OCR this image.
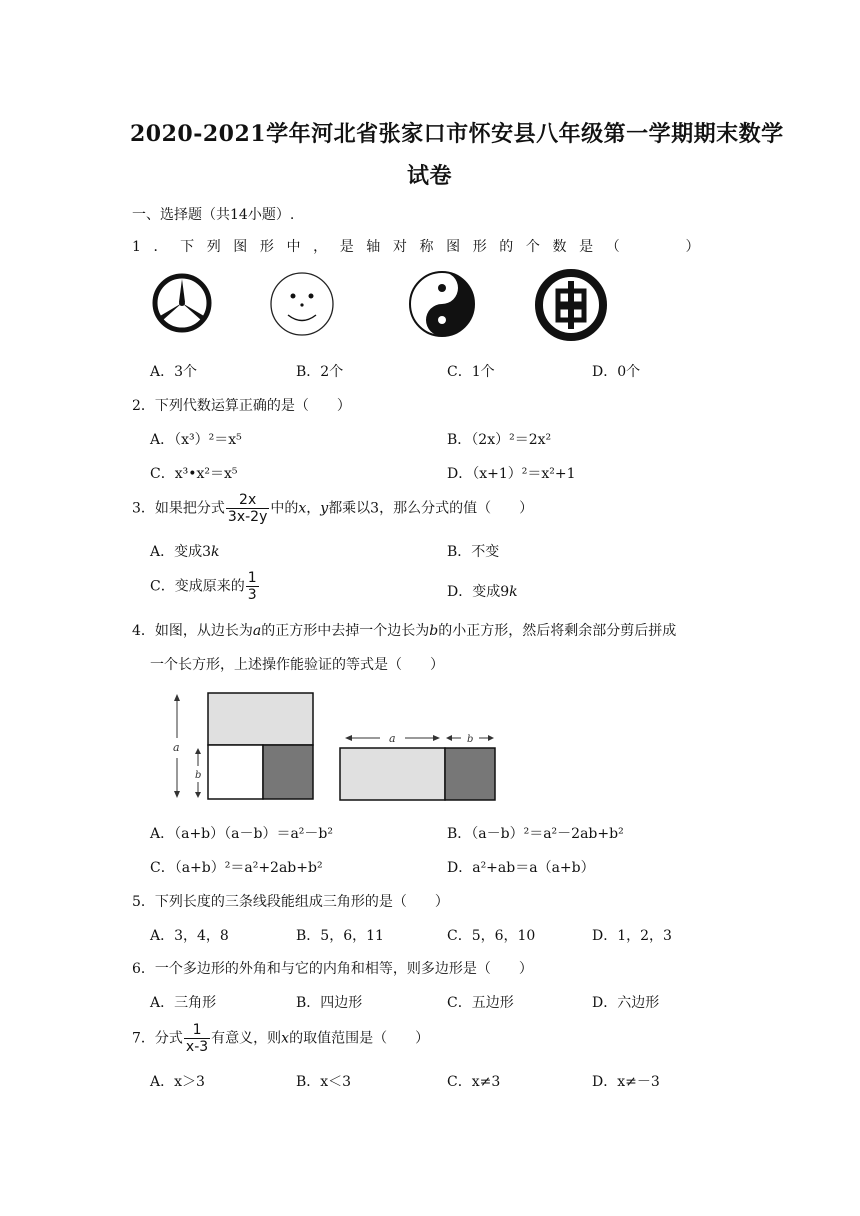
2020-2021学年河北省张家口市怀安县八年级第一学期期末数学
试卷
一、选择题（共14小题）.
1．下列图形中，是轴对称图形的个数是（　　）
A．3个	B．2个	C．1个	D．0个
2．下列代数运算正确的是（　　）
A．（x³）²＝x⁵	B．（2x）²＝2x²
C．x³•x²＝x⁵	D．（x+1）²＝x²+1
3．如果把分式 $\frac{2x}{3x-2y}$ 中的x，y都乘以3，那么分式的值（　　）
A．变成3k	B．不变
C．变成原来的 $\frac{1}{3}$	D．变成9k
4．如图，从边长为a的正方形中去掉一个边长为b的小正方形，然后将剩余部分剪后拼成
一个长方形，上述操作能验证的等式是（　　）
a
b
a	b
A．（a+b）（a－b）＝a²－b²	B．（a－b）²＝a²－2ab+b²
C．（a+b）²＝a²+2ab+b²	D．a²+ab＝a（a+b）
5．下列长度的三条线段能组成三角形的是（　　）
A．3，4，8	B．5，6，11	C．5，6，10	D．1，2，3
6．一个多边形的外角和与它的内角和相等，则多边形是（　　）
A．三角形	B．四边形	C．五边形	D．六边形
7．分式 $\frac{1}{x-3}$ 有意义，则x的取值范围是（　　）
A．x＞3	B．x＜3	C．x≠3	D．x≠－3
